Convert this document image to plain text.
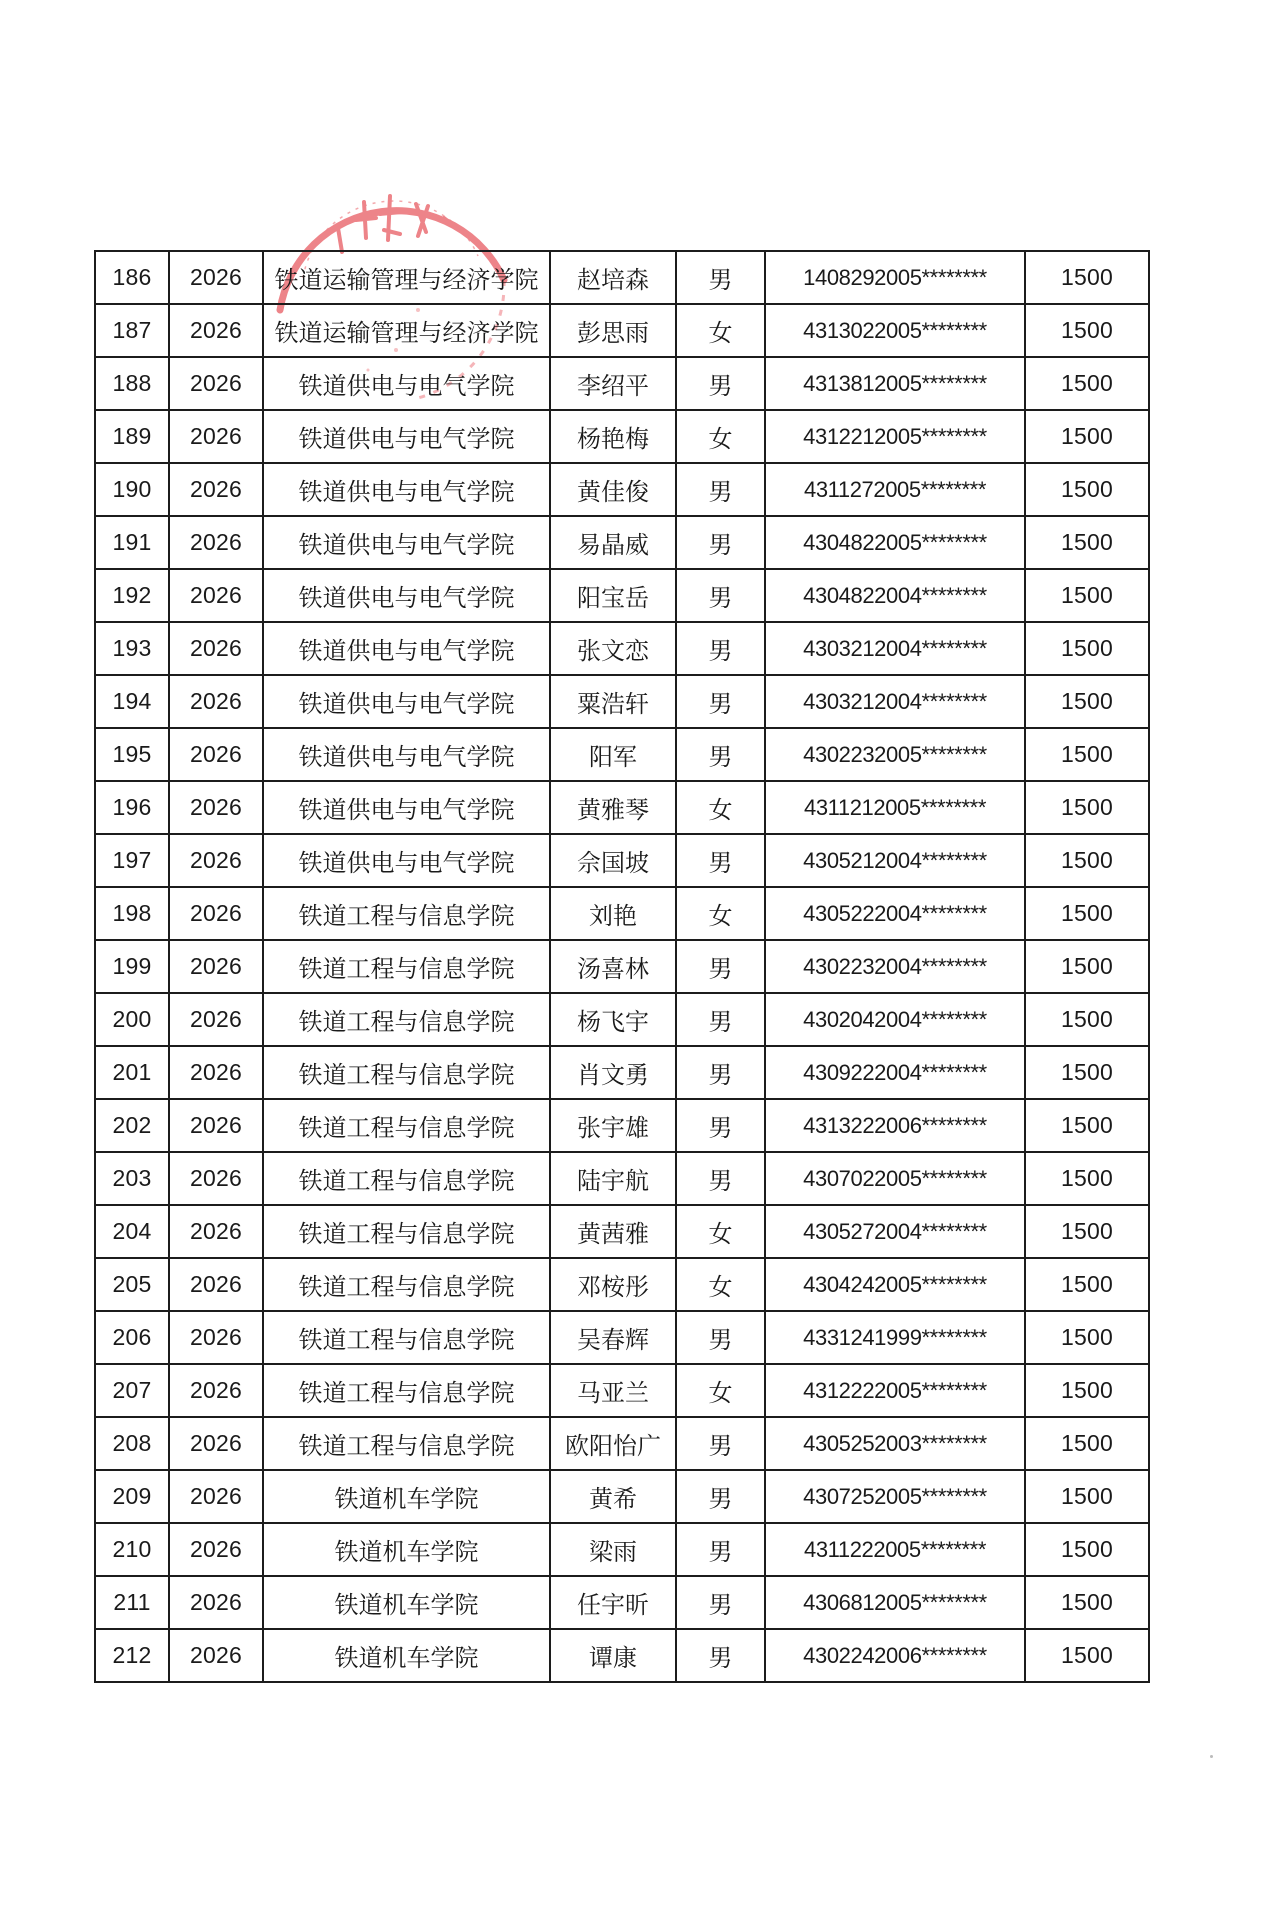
186	2026	铁道运输管理与经济学院	赵培森	男	1408292005********	1500
187	2026	铁道运输管理与经济学院	彭思雨	女	4313022005********	1500
188	2026	铁道供电与电气学院	李绍平	男	4313812005********	1500
189	2026	铁道供电与电气学院	杨艳梅	女	4312212005********	1500
190	2026	铁道供电与电气学院	黄佳俊	男	4311272005********	1500
191	2026	铁道供电与电气学院	易晶威	男	4304822005********	1500
192	2026	铁道供电与电气学院	阳宝岳	男	4304822004********	1500
193	2026	铁道供电与电气学院	张文恋	男	4303212004********	1500
194	2026	铁道供电与电气学院	粟浩轩	男	4303212004********	1500
195	2026	铁道供电与电气学院	阳军	男	4302232005********	1500
196	2026	铁道供电与电气学院	黄雅琴	女	4311212005********	1500
197	2026	铁道供电与电气学院	佘国坡	男	4305212004********	1500
198	2026	铁道工程与信息学院	刘艳	女	4305222004********	1500
199	2026	铁道工程与信息学院	汤喜林	男	4302232004********	1500
200	2026	铁道工程与信息学院	杨飞宇	男	4302042004********	1500
201	2026	铁道工程与信息学院	肖文勇	男	4309222004********	1500
202	2026	铁道工程与信息学院	张宇雄	男	4313222006********	1500
203	2026	铁道工程与信息学院	陆宇航	男	4307022005********	1500
204	2026	铁道工程与信息学院	黄茜雅	女	4305272004********	1500
205	2026	铁道工程与信息学院	邓桉彤	女	4304242005********	1500
206	2026	铁道工程与信息学院	吴春辉	男	4331241999********	1500
207	2026	铁道工程与信息学院	马亚兰	女	4312222005********	1500
208	2026	铁道工程与信息学院	欧阳怡广	男	4305252003********	1500
209	2026	铁道机车学院	黄希	男	4307252005********	1500
210	2026	铁道机车学院	梁雨	男	4311222005********	1500
211	2026	铁道机车学院	任宇昕	男	4306812005********	1500
212	2026	铁道机车学院	谭康	男	4302242006********	1500
